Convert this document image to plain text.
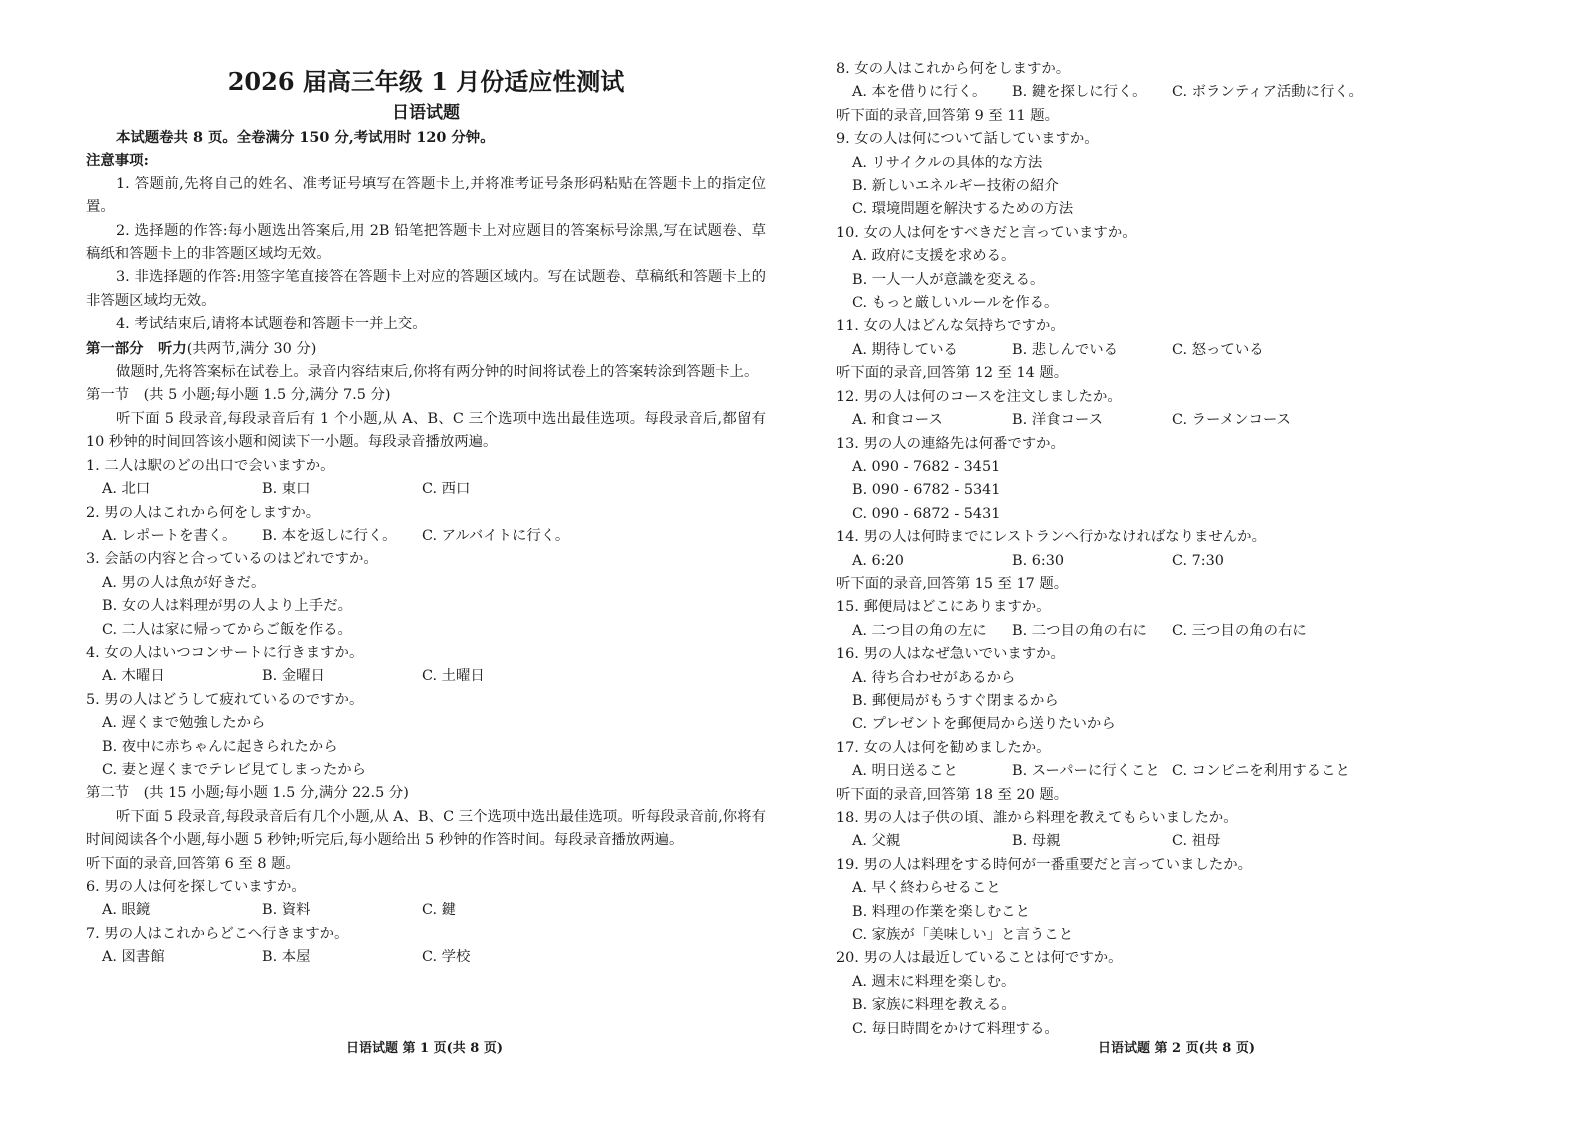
2026 届高三年级 1 月份适应性测试
日语试题
本试题卷共 8 页。全卷满分 150 分,考试用时 120 分钟。
注意事项:
1. 答题前,先将自己的姓名、准考证号填写在答题卡上,并将准考证号条形码粘贴在答题卡上的指定位置。
2. 选择题的作答:每小题选出答案后,用 2B 铅笔把答题卡上对应题目的答案标号涂黑,写在试题卷、草稿纸和答题卡上的非答题区域均无效。
3. 非选择题的作答:用签字笔直接答在答题卡上对应的答题区域内。写在试题卷、草稿纸和答题卡上的非答题区域均无效。
4. 考试结束后,请将本试题卷和答题卡一并上交。
第一部分　听力(共两节,满分 30 分)
做题时,先将答案标在试卷上。录音内容结束后,你将有两分钟的时间将试卷上的答案转涂到答题卡上。
第一节　(共 5 小题;每小题 1.5 分,满分 7.5 分)
听下面 5 段录音,每段录音后有 1 个小题,从 A、B、C 三个选项中选出最佳选项。每段录音后,都留有 10 秒钟的时间回答该小题和阅读下一小题。每段录音播放两遍。
1. 二人は駅のどの出口で会いますか。
A. 北口	B. 東口	C. 西口
2. 男の人はこれから何をしますか。
A. レポートを書く。	B. 本を返しに行く。	C. アルバイトに行く。
3. 会話の内容と合っているのはどれですか。
A. 男の人は魚が好きだ。
B. 女の人は料理が男の人より上手だ。
C. 二人は家に帰ってからご飯を作る。
4. 女の人はいつコンサートに行きますか。
A. 木曜日	B. 金曜日	C. 土曜日
5. 男の人はどうして疲れているのですか。
A. 遅くまで勉強したから
B. 夜中に赤ちゃんに起きられたから
C. 妻と遅くまでテレビ見てしまったから
第二节　(共 15 小题;每小题 1.5 分,满分 22.5 分)
听下面 5 段录音,每段录音后有几个小题,从 A、B、C 三个选项中选出最佳选项。听每段录音前,你将有时间阅读各个小题,每小题 5 秒钟;听完后,每小题给出 5 秒钟的作答时间。每段录音播放两遍。
听下面的录音,回答第 6 至 8 题。
6. 男の人は何を探していますか。
A. 眼鏡	B. 資料	C. 鍵
7. 男の人はこれからどこへ行きますか。
A. 図書館	B. 本屋	C. 学校
日语试题 第 1 页(共 8 页)
8. 女の人はこれから何をしますか。
A. 本を借りに行く。	B. 鍵を探しに行く。	C. ボランティア活動に行く。
听下面的录音,回答第 9 至 11 题。
9. 女の人は何について話していますか。
A. リサイクルの具体的な方法
B. 新しいエネルギー技術の紹介
C. 環境問題を解決するための方法
10. 女の人は何をすべきだと言っていますか。
A. 政府に支援を求める。
B. 一人一人が意識を変える。
C. もっと厳しいルールを作る。
11. 女の人はどんな気持ちですか。
A. 期待している	B. 悲しんでいる	C. 怒っている
听下面的录音,回答第 12 至 14 题。
12. 男の人は何のコースを注文しましたか。
A. 和食コース	B. 洋食コース	C. ラーメンコース
13. 男の人の連絡先は何番ですか。
A. 090 - 7682 - 3451
B. 090 - 6782 - 5341
C. 090 - 6872 - 5431
14. 男の人は何時までにレストランへ行かなければなりませんか。
A. 6:20	B. 6:30	C. 7:30
听下面的录音,回答第 15 至 17 题。
15. 郵便局はどこにありますか。
A. 二つ目の角の左に	B. 二つ目の角の右に	C. 三つ目の角の右に
16. 男の人はなぜ急いでいますか。
A. 待ち合わせがあるから
B. 郵便局がもうすぐ閉まるから
C. プレゼントを郵便局から送りたいから
17. 女の人は何を勧めましたか。
A. 明日送ること	B. スーパーに行くこと C. コンビニを利用すること
听下面的录音,回答第 18 至 20 题。
18. 男の人は子供の頃、誰から料理を教えてもらいましたか。
A. 父親	B. 母親	C. 祖母
19. 男の人は料理をする時何が一番重要だと言っていましたか。
A. 早く終わらせること
B. 料理の作業を楽しむこと
C. 家族が「美味しい」と言うこと
20. 男の人は最近していることは何ですか。
A. 週末に料理を楽しむ。
B. 家族に料理を教える。
C. 毎日時間をかけて料理する。
日语试题 第 2 页(共 8 页)
